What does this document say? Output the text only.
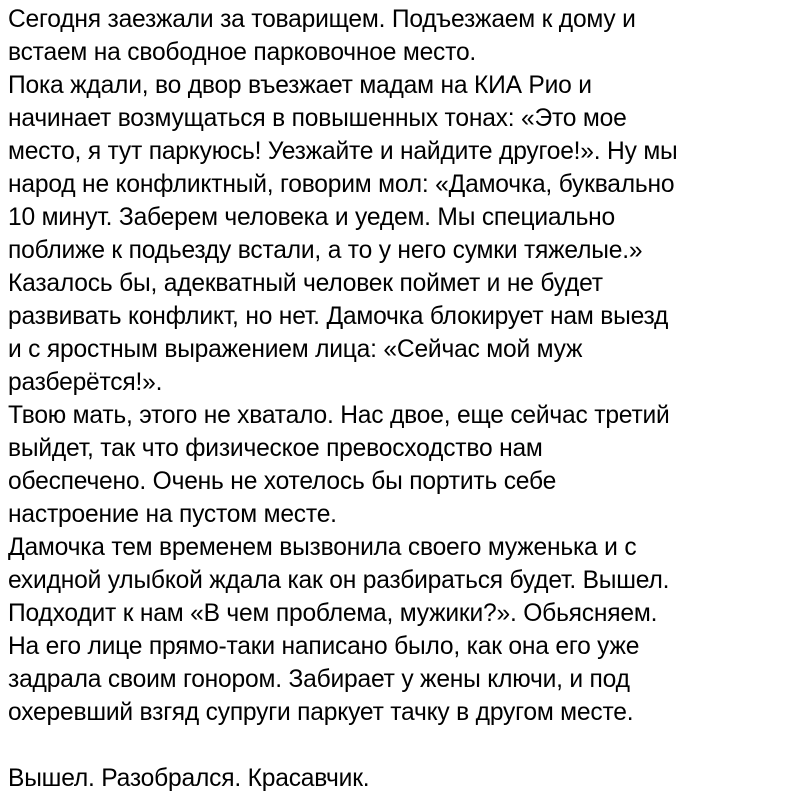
Сегодня заезжали за товарищем. Подъезжаем к дому и
встаем на свободное парковочное место.
Пока ждали, во двор въезжает мадам на КИА Рио и
начинает возмущаться в повышенных тонах: «Это мое
место, я тут паркуюсь! Уезжайте и найдите другое!». Ну мы
народ не конфликтный, говорим мол: «Дамочка, буквально
10 минут. Заберем человека и уедем. Мы специально
поближе к подьезду встали, а то у него сумки тяжелые.»
Казалось бы, адекватный человек поймет и не будет
развивать конфликт, но нет. Дамочка блокирует нам выезд
и с яростным выражением лица: «Сейчас мой муж
разберётся!».
Твою мать, этого не хватало. Нас двое, еще сейчас третий
выйдет, так что физическое превосходство нам
обеспечено. Очень не хотелось бы портить себе
настроение на пустом месте.
Дамочка тем временем вызвонила своего муженька и с
ехидной улыбкой ждала как он разбираться будет. Вышел.
Подходит к нам «В чем проблема, мужики?». Обьясняем.
На его лице прямо-таки написано было, как она его уже
задрала своим гонором. Забирает у жены ключи, и под
охеревший взгяд супруги паркует тачку в другом месте.
Вышел. Разобрался. Красавчик.
